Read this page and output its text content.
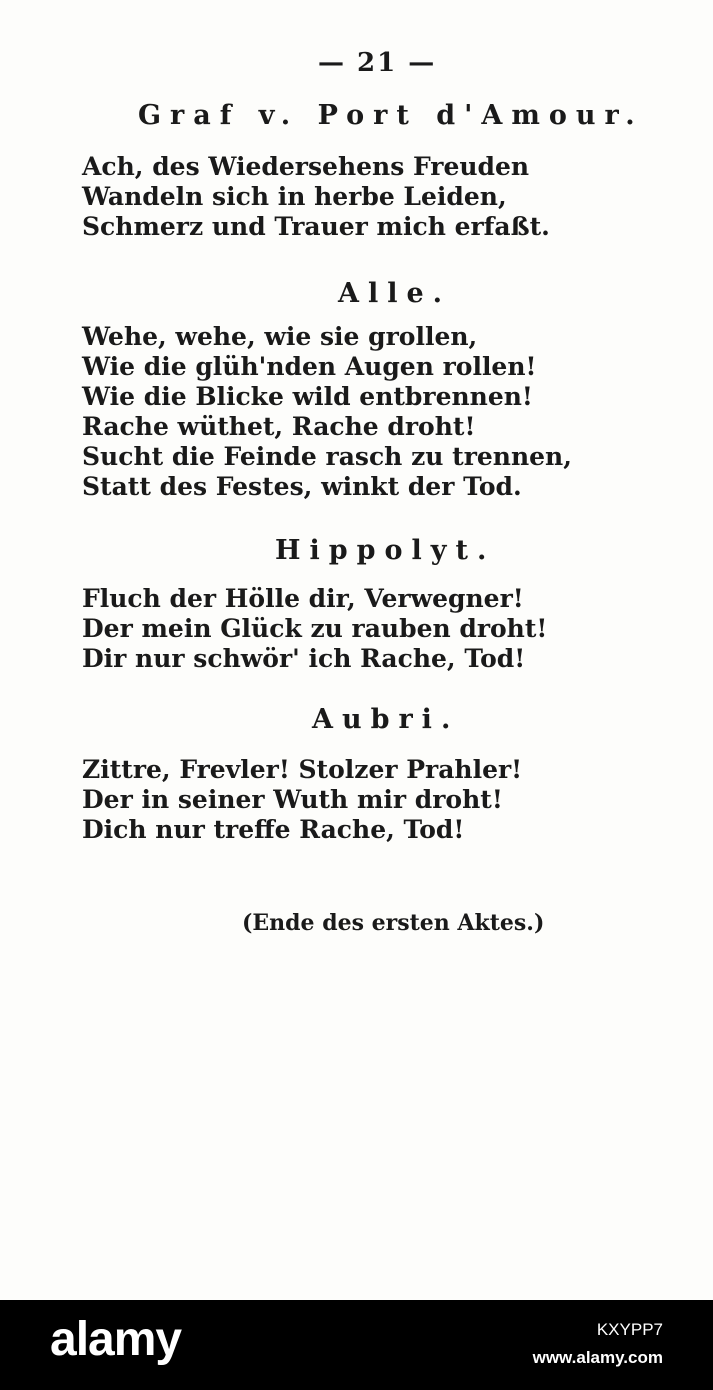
— 21 —
Graf v. Port d'Amour.
Ach, des Wiedersehens Freuden
Wandeln sich in herbe Leiden,
Schmerz und Trauer mich erfaßt.
Alle.
Wehe, wehe, wie sie grollen,
Wie die glüh'nden Augen rollen!
Wie die Blicke wild entbrennen!
Rache wüthet, Rache droht!
Sucht die Feinde rasch zu trennen,
Statt des Festes, winkt der Tod.
Hippolyt.
Fluch der Hölle dir, Verwegner!
Der mein Glück zu rauben droht!
Dir nur schwör' ich Rache, Tod!
Aubri.
Zittre, Frevler! Stolzer Prahler!
Der in seiner Wuth mir droht!
Dich nur treffe Rache, Tod!
(Ende des ersten Aktes.)
alamy	KXYPP7
www.alamy.com
